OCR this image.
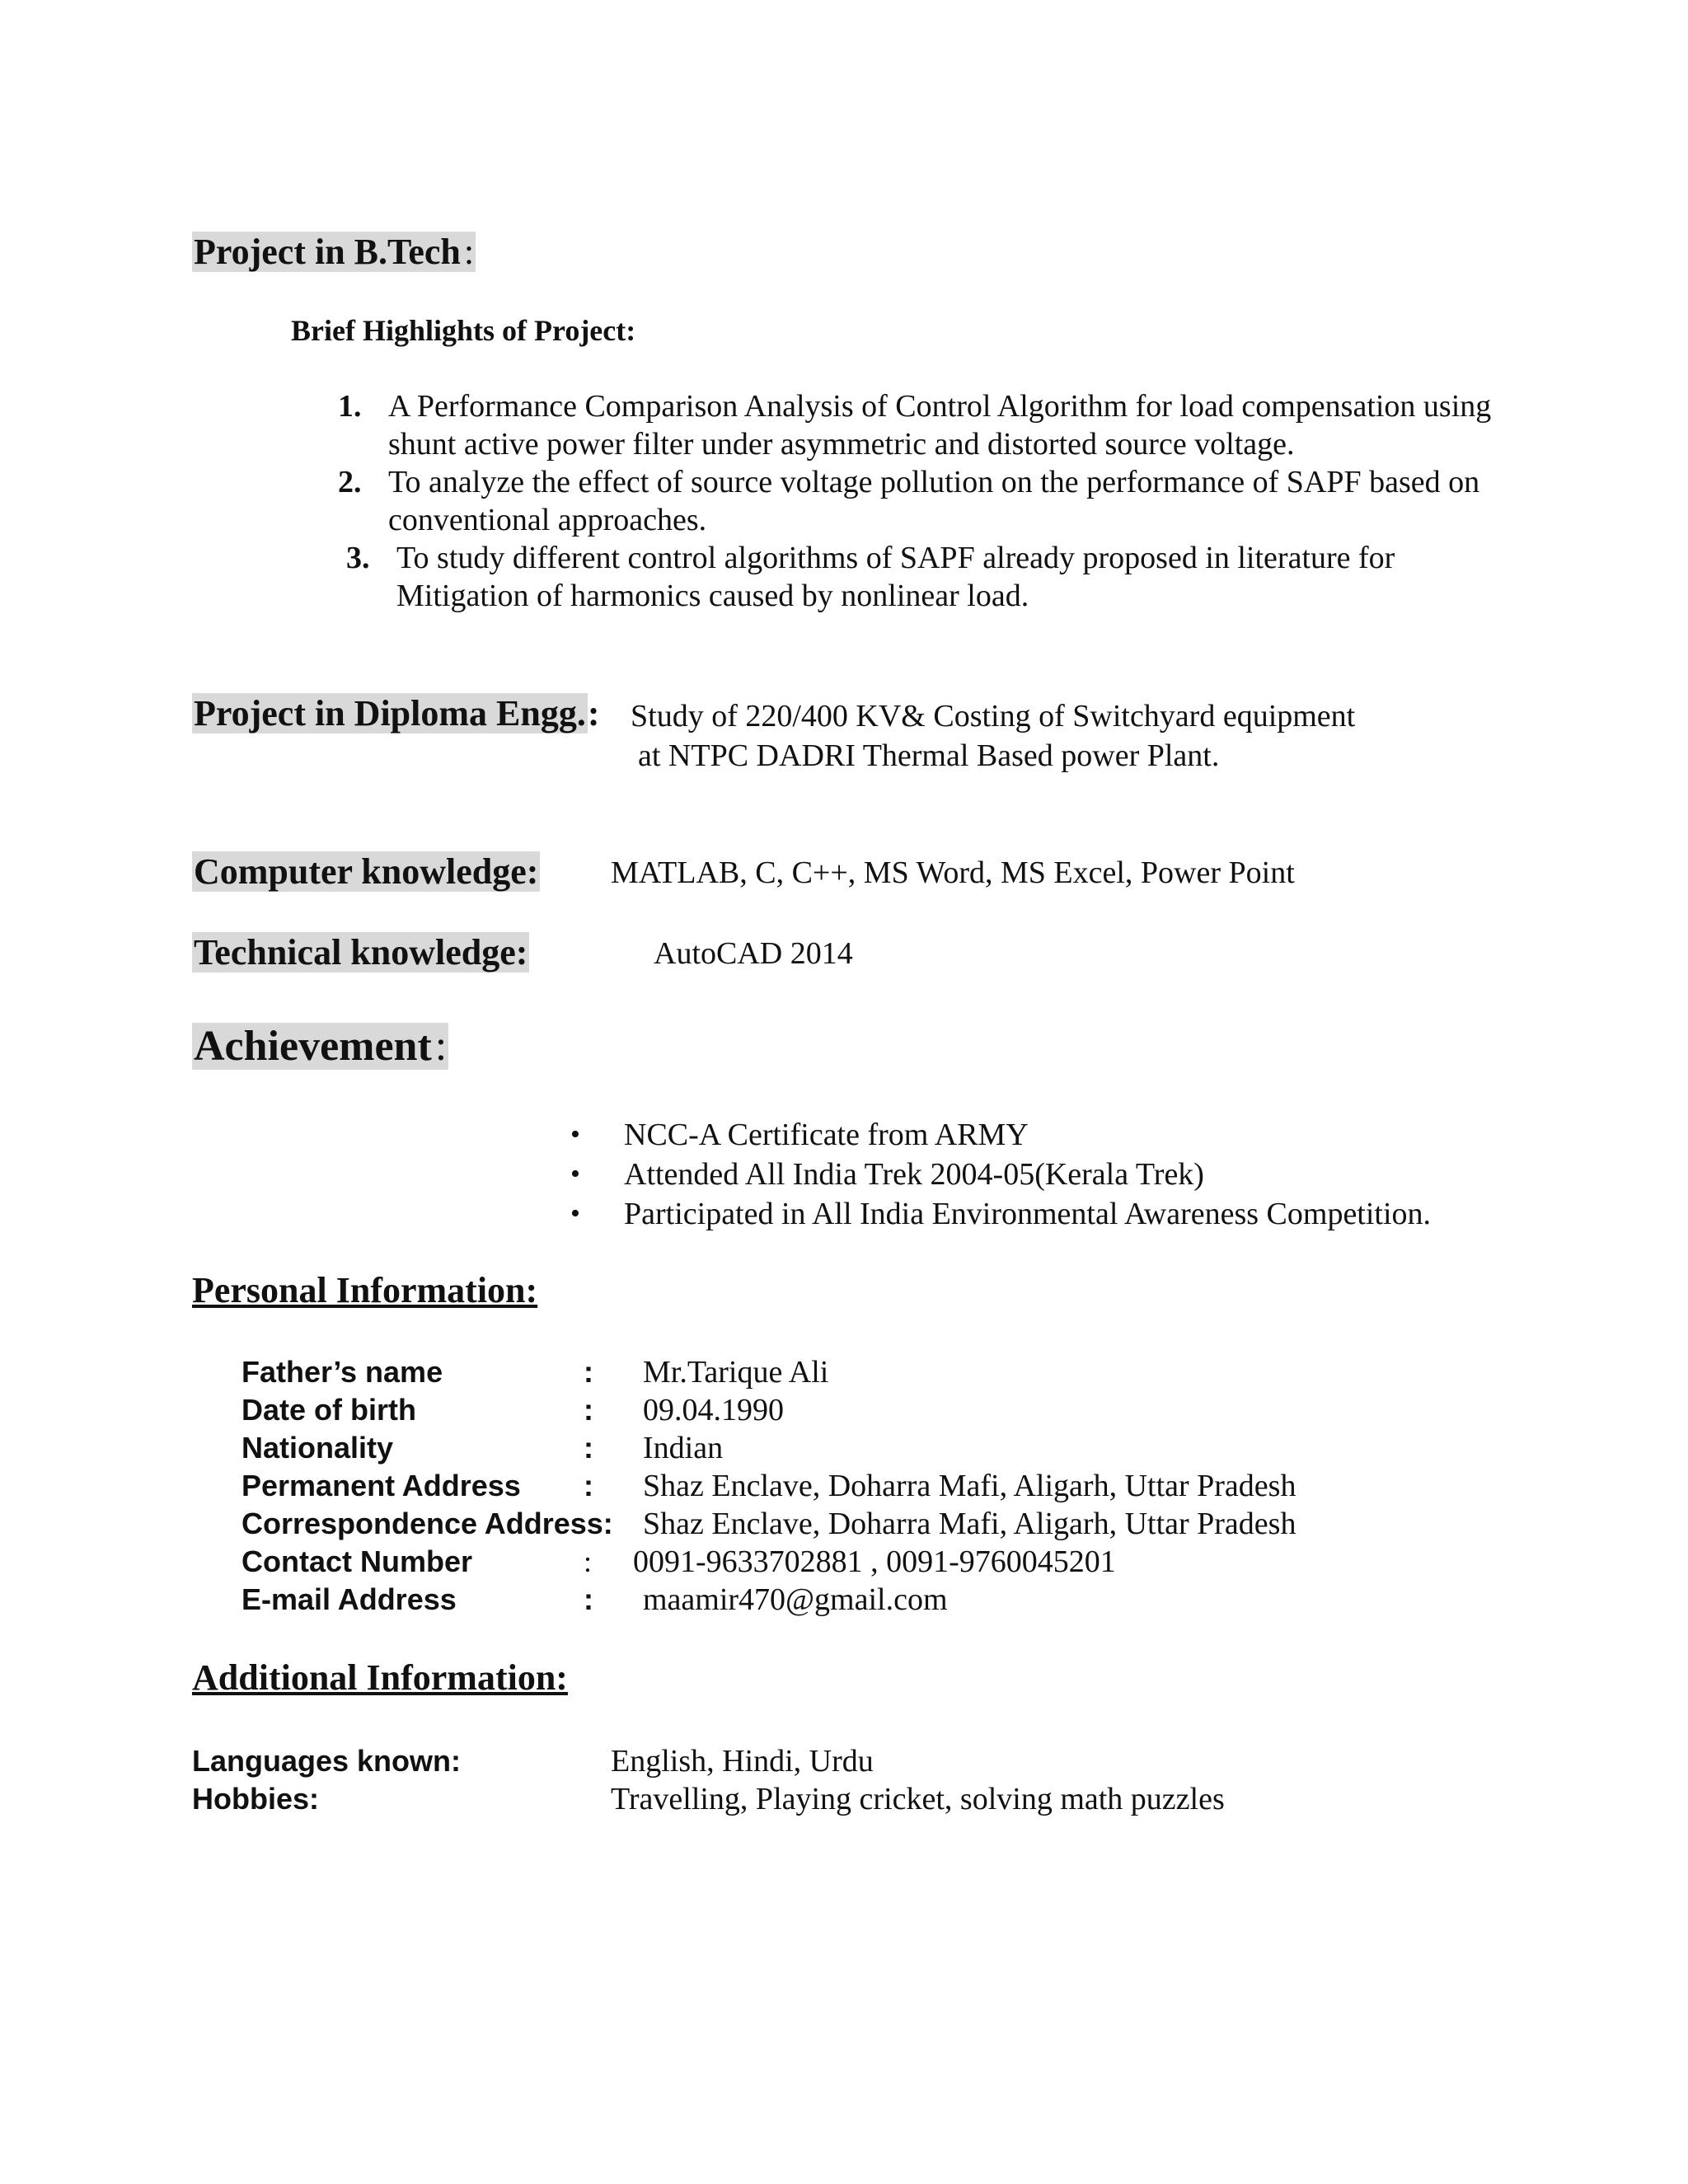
Project in B.Tech:
Brief Highlights of Project:
1. A Performance Comparison Analysis of Control Algorithm for load compensation using
shunt active power filter under asymmetric and distorted source voltage.
2. To analyze the effect of source voltage pollution on the performance of SAPF based on
conventional approaches.
3. To study different control algorithms of SAPF already proposed in literature for
Mitigation of harmonics caused by nonlinear load.
Project in Diploma Engg.: Study of 220/400 KV& Costing of Switchyard equipment
at NTPC DADRI Thermal Based power Plant.
Computer knowledge: MATLAB, C, C++, MS Word, MS Excel, Power Point
Technical knowledge:	AutoCAD 2014
Achievement:
• NCC-A Certificate from ARMY
• Attended All India Trek 2004-05(Kerala Trek)
• Participated in All India Environmental Awareness Competition.
Personal Information:
Father’s name	: Mr.Tarique Ali
Date of birth	: 09.04.1990
Nationality	: Indian
Permanent Address : Shaz Enclave, Doharra Mafi, Aligarh, Uttar Pradesh
Correspondence Address: Shaz Enclave, Doharra Mafi, Aligarh, Uttar Pradesh
Contact Number	: 0091-9633702881 , 0091-9760045201
E-mail Address	: maamir470@gmail.com
Additional Information:
Languages known:	English, Hindi, Urdu
Hobbies:	Travelling, Playing cricket, solving math puzzles
